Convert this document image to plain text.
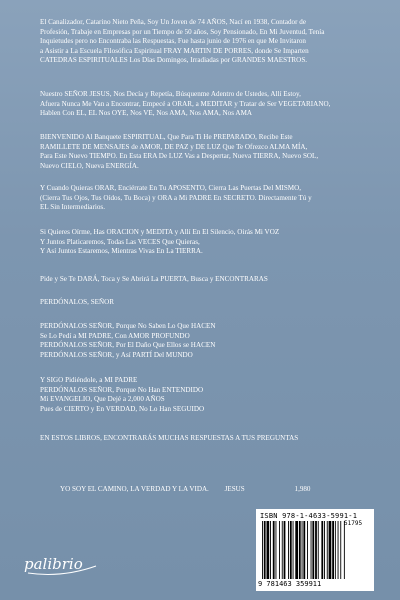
El Canalizador, Catarino Nieto Peña, Soy Un Joven de 74 AÑOS, Nací en 1938, Contador de
Profesión, Trabaje en Empresas por un Tiempo de 50 años, Soy Pensionado, En Mi Juventud, Tenía
Inquietudes pero no Encontraba las Respuestas, Fue hasta junio de 1976 en que Me Invitaron
a Asistir a La Escuela Filosófica Espiritual FRAY MARTIN DE PORRES, donde Se Imparten
CATEDRAS ESPIRITUALES Los Días Domingos, Irradiadas por GRANDES MAESTROS.
Nuestro SEÑOR JESUS, Nos Decía y Repetía, Búsquenme Adentro de Ustedes, Allí Estoy,
Afuera Nunca Me Van a Encontrar, Empecé a ORAR, a MEDITAR y Tratar de Ser VEGETARIANO,
Hablen Con EL, EL Nos OYE, Nos VE, Nos AMA, Nos AMA, Nos AMA
BIENVENIDO Al Banquete ESPIRITUAL, Que Para Ti He PREPARADO, Recibe Este
RAMILLETE DE MENSAJES de AMOR, DE PAZ y DE LUZ Que Te Ofrezco ALMA MÍA,
Para Este Nuevo TIEMPO. En Esta ERA De LUZ Vas a Despertar, Nueva TIERRA, Nuevo SOL,
Nuevo CIELO, Nueva ENERGÍA.
Y Cuando Quieras ORAR, Enciérrate En Tu APOSENTO, Cierra Las Puertas Del MISMO,
(Cierra Tus Ojos, Tus Oídos, Tu Boca) y ORA a Mi PADRE En SECRETO. Directamente Tú y
EL Sin Intermediarios.
Si Quieres Oírme, Has ORACION y MEDITA y Allí En El Silencio, Oirás Mi VOZ
Y Juntos Platicaremos, Todas Las VECES Que Quieras,
Y Así Juntos Estaremos, Mientras Vivas En La TIERRA.
Pide y Se Te DARÁ, Toca y Se Abrirá La PUERTA, Busca y ENCONTRARAS
PERDÓNALOS, SEÑOR
PERDÓNALOS SEÑOR, Porque No Saben Lo Que HACEN
Se Lo Pedí a MI PADRE, Con AMOR PROFUNDO
PERDÓNALOS SEÑOR, Por El Daño Que Ellos se HACEN
PERDÓNALOS SEÑOR, y Así PARTÍ Del MUNDO
Y SIGO Pidiéndole, a MI PADRE
PERDÓNALOS SEÑOR, Porque No Han ENTENDIDO
Mi EVANGELIO, Que Dejé a 2,000 AÑOS
Pues de CIERTO y En VERDAD, No Lo Han SEGUIDO
EN ESTOS LIBROS, ENCONTRARÁS MUCHAS RESPUESTAS A TUS PREGUNTAS
YO SOY EL CAMINO, LA VERDAD Y LA VIDA. JESUS	1,980
ISBN 978-1-4633-5991-1
51795
9 781463 359911
palibrio
